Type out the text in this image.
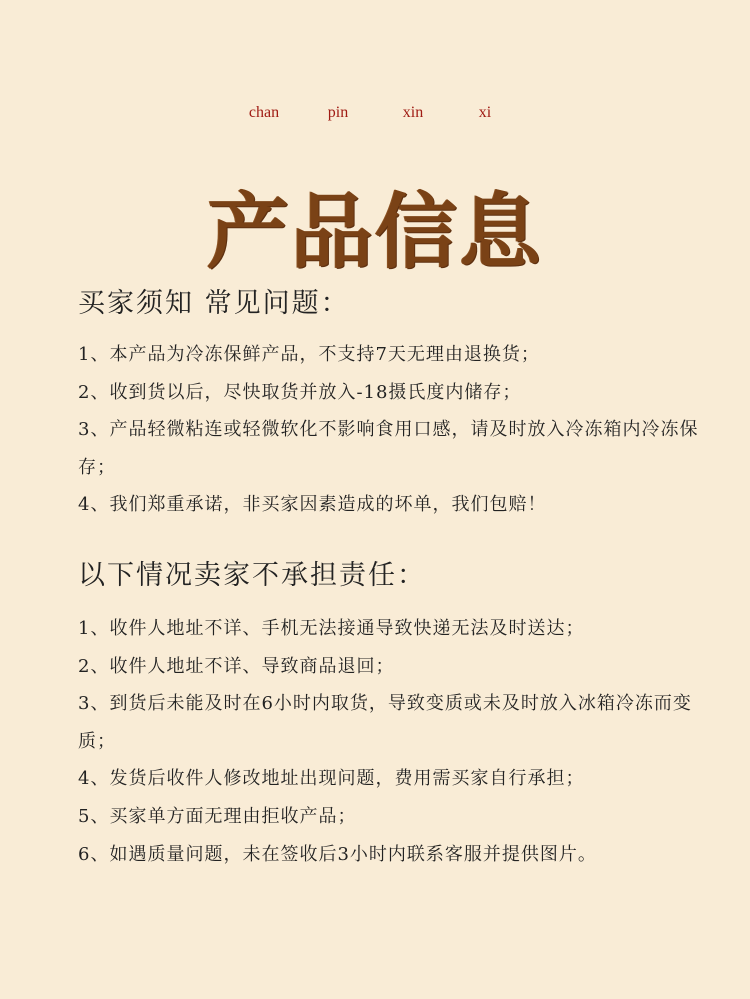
chan	pin	xin	xi
产品信息
买家须知 常见问题：

1、本产品为冷冻保鲜产品，不支持7天无理由退换货；

2、收到货以后，尽快取货并放入-18摄氏度内储存；

3、产品轻微粘连或轻微软化不影响食用口感，请及时放入冷冻箱内冷冻保存；

4、我们郑重承诺，非买家因素造成的坏单，我们包赔！

以下情况卖家不承担责任：

1、收件人地址不详、手机无法接通导致快递无法及时送达；

2、收件人地址不详、导致商品退回；

3、到货后未能及时在6小时内取货，导致变质或未及时放入冰箱冷冻而变质；

4、发货后收件人修改地址出现问题，费用需买家自行承担；

5、买家单方面无理由拒收产品；

6、如遇质量问题，未在签收后3小时内联系客服并提供图片。
